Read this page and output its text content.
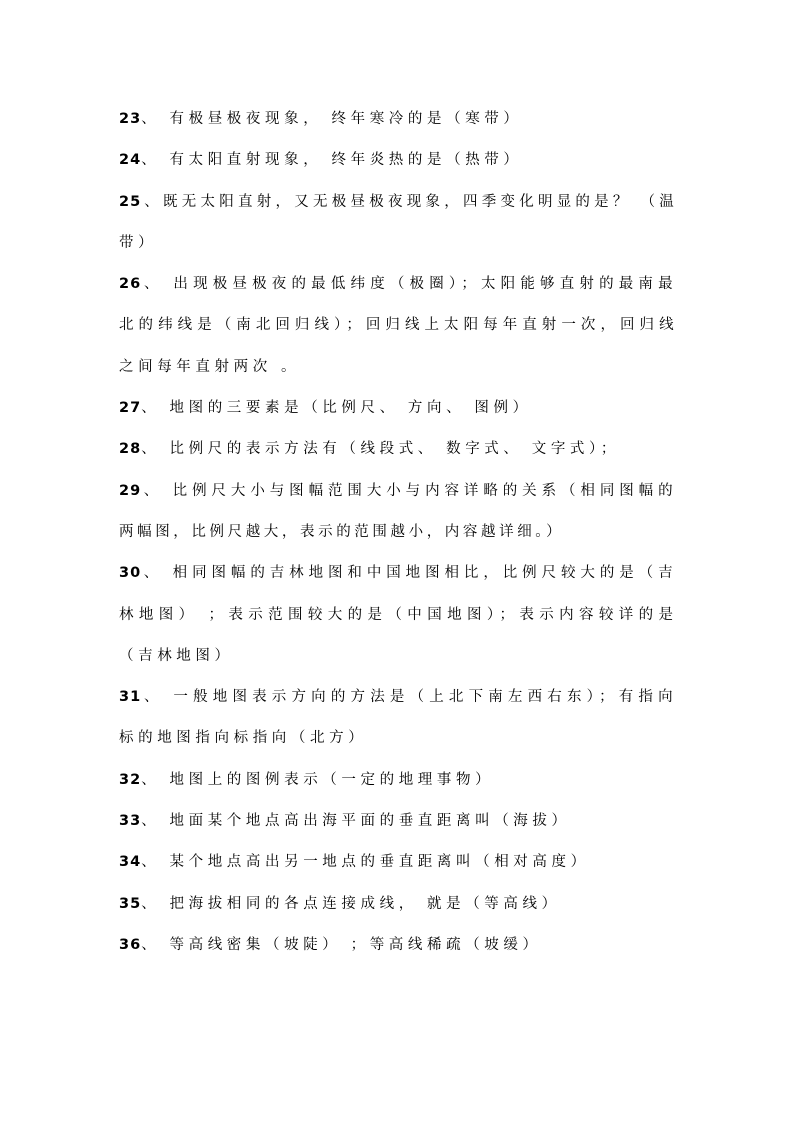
23、 有极昼极夜现象， 终年寒冷的是（寒带）
24、 有太阳直射现象， 终年炎热的是（热带）
25、既无太阳直射，又无极昼极夜现象，四季变化明显的是？ （温
带）
26、 出现极昼极夜的最低纬度（极圈）；太阳能够直射的最南最
北的纬线是（南北回归线）；回归线上太阳每年直射一次，回归线
之间每年直射两次 。
27、 地图的三要素是（比例尺、 方向、 图例）
28、 比例尺的表示方法有（线段式、 数字式、 文字式）；
29、 比例尺大小与图幅范围大小与内容详略的关系（相同图幅的
两幅图，比例尺越大，表示的范围越小，内容越详细。）
30、 相同图幅的吉林地图和中国地图相比，比例尺较大的是（吉
林地图） ；表示范围较大的是（中国地图）；表示内容较详的是
（吉林地图）
31、 一般地图表示方向的方法是（上北下南左西右东）；有指向
标的地图指向标指向（北方）
32、 地图上的图例表示（一定的地理事物）
33、 地面某个地点高出海平面的垂直距离叫（海拔）
34、 某个地点高出另一地点的垂直距离叫（相对高度）
35、 把海拔相同的各点连接成线， 就是（等高线）
36、 等高线密集（坡陡） ；等高线稀疏（坡缓）
